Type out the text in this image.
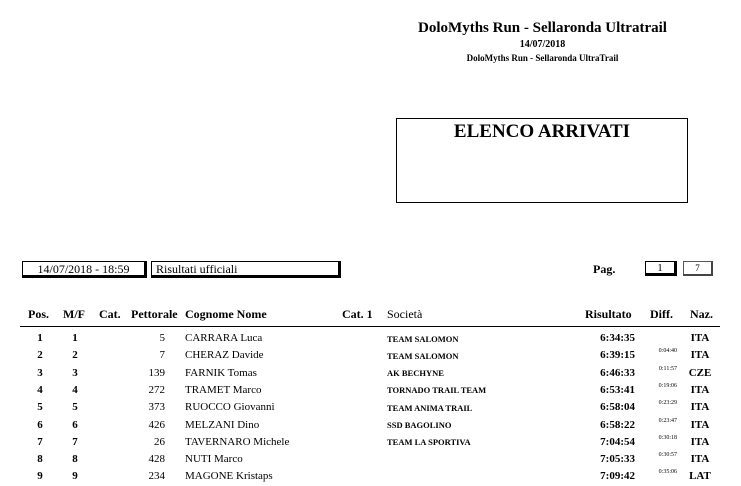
DoloMyths Run - Sellaronda Ultratrail
14/07/2018
DoloMyths Run - Sellaronda UltraTrail
ELENCO ARRIVATI
14/07/2018 - 18:59	Risultati ufficiali	Pag.	1	7
Pos. M/F Cat. Pettorale Cognome Nome	Cat. 1 Società	Risultato Diff. Naz.
1	1	5 CARRARA Luca	TEAM SALOMON	6:34:35	ITA
2	2	7 CHERAZ Davide	TEAM SALOMON	6:39:15	0:04:40	ITA
3	3	139 FARNIK Tomas	AK BECHYNE	6:46:33	0:11:57	CZE
4	4	272 TRAMET Marco	TORNADO TRAIL TEAM	6:53:41	0:19:06	ITA
5	5	373 RUOCCO Giovanni	TEAM ANIMA TRAIL	6:58:04	0:23:29	ITA
6	6	426 MELZANI Dino	SSD BAGOLINO	6:58:22	0:23:47	ITA
7	7	26 TAVERNARO Michele	TEAM LA SPORTIVA	7:04:54	0:30:18	ITA
8	8	428 NUTI Marco	7:05:33	0:30:57	ITA
9	9	234 MAGONE Kristaps	7:09:42	0:35:06	LAT
